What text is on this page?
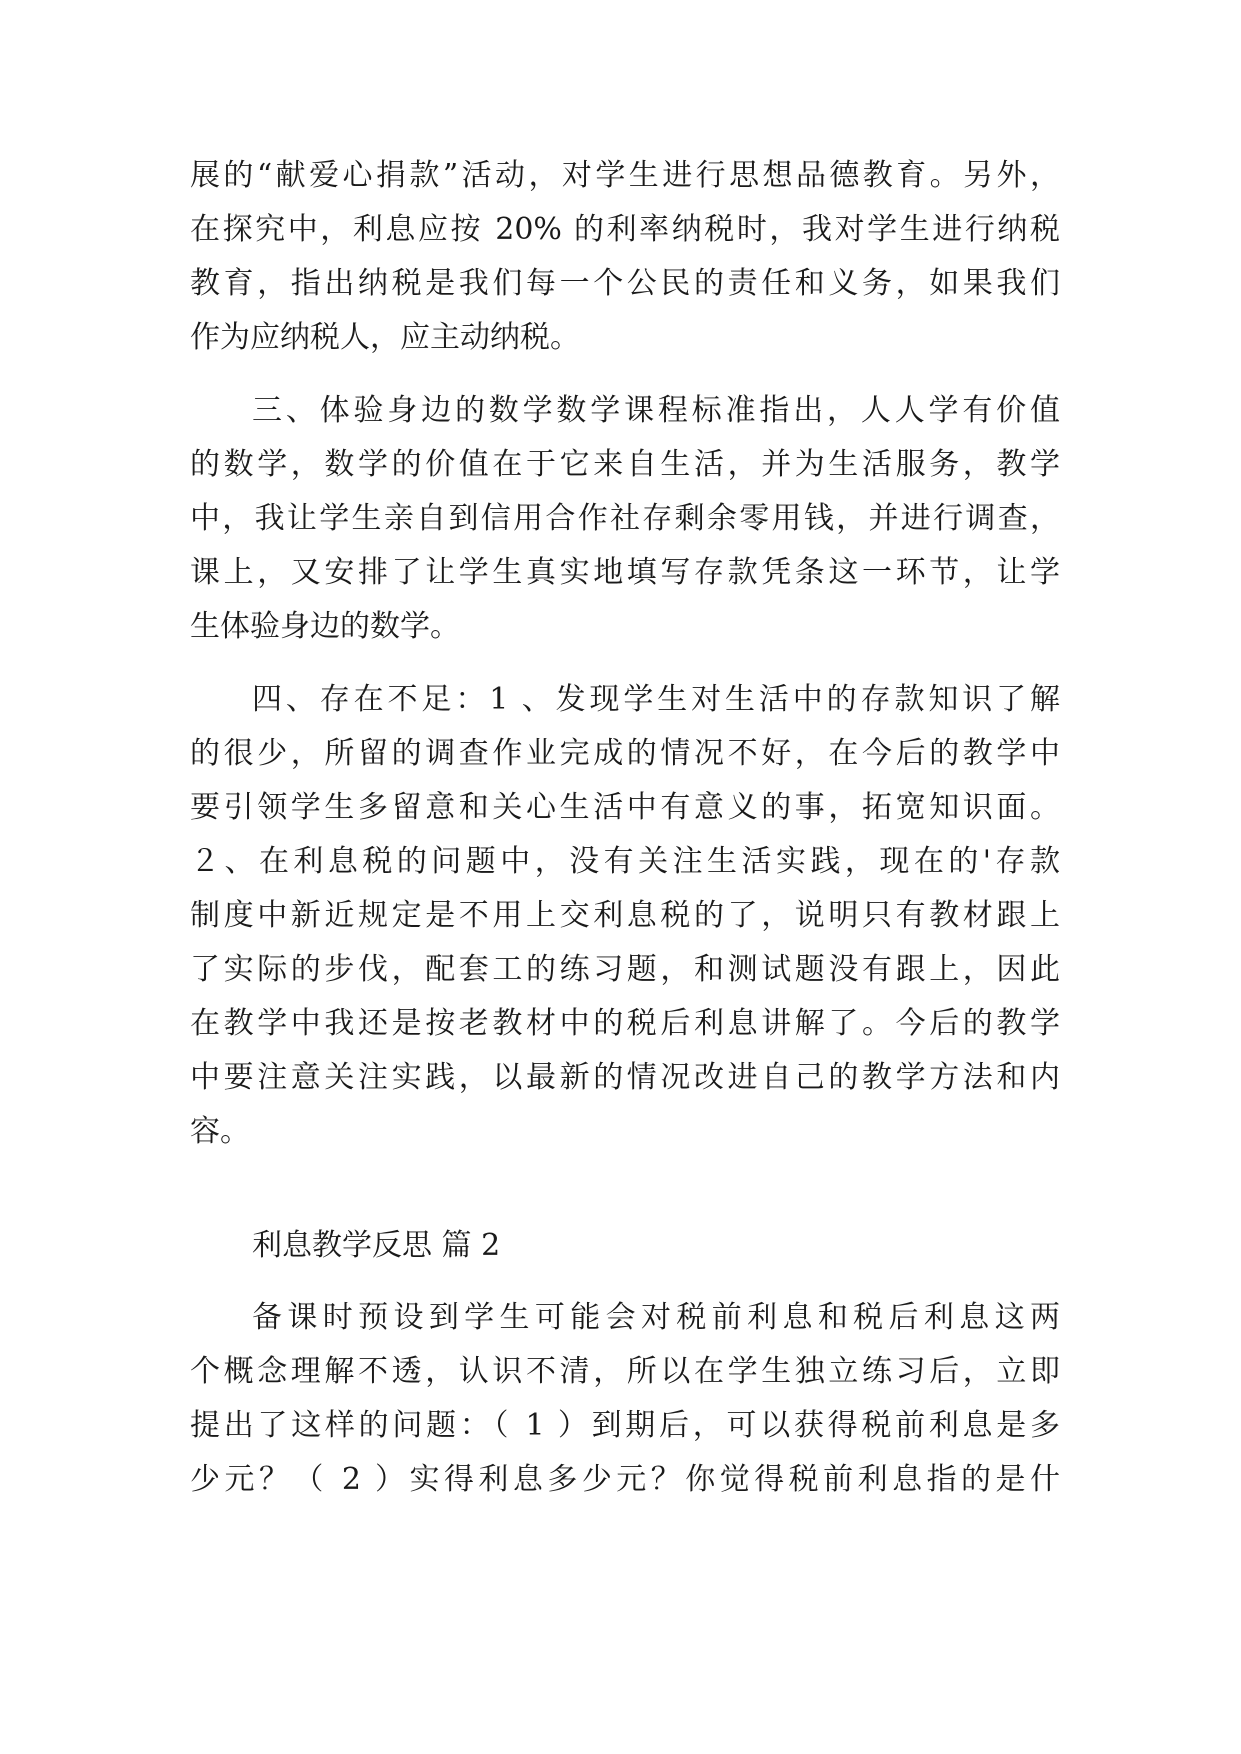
展的“献爱心捐款”活动，对学生进行思想品德教育。另外，
在探究中，利息应按 20% 的利率纳税时，我对学生进行纳税
教育，指出纳税是我们每一个公民的责任和义务，如果我们
作为应纳税人，应主动纳税。
三、体验身边的数学数学课程标准指出，人人学有价值
的数学，数学的价值在于它来自生活，并为生活服务，教学
中，我让学生亲自到信用合作社存剩余零用钱，并进行调查，
课上，又安排了让学生真实地填写存款凭条这一环节，让学
生体验身边的数学。
四、存在不足：1 、发现学生对生活中的存款知识了解
的很少，所留的调查作业完成的情况不好，在今后的教学中
要引领学生多留意和关心生活中有意义的事，拓宽知识面。
２、在利息税的问题中，没有关注生活实践，现在的'存款
制度中新近规定是不用上交利息税的了，说明只有教材跟上
了实际的步伐，配套工的练习题，和测试题没有跟上，因此
在教学中我还是按老教材中的税后利息讲解了。今后的教学
中要注意关注实践，以最新的情况改进自己的教学方法和内
容。
利息教学反思 篇 2
备课时预设到学生可能会对税前利息和税后利息这两
个概念理解不透，认识不清，所以在学生独立练习后，立即
提出了这样的问题：（ 1 ）到期后，可以获得税前利息是多
少元？（ 2 ）实得利息多少元？你觉得税前利息指的是什
